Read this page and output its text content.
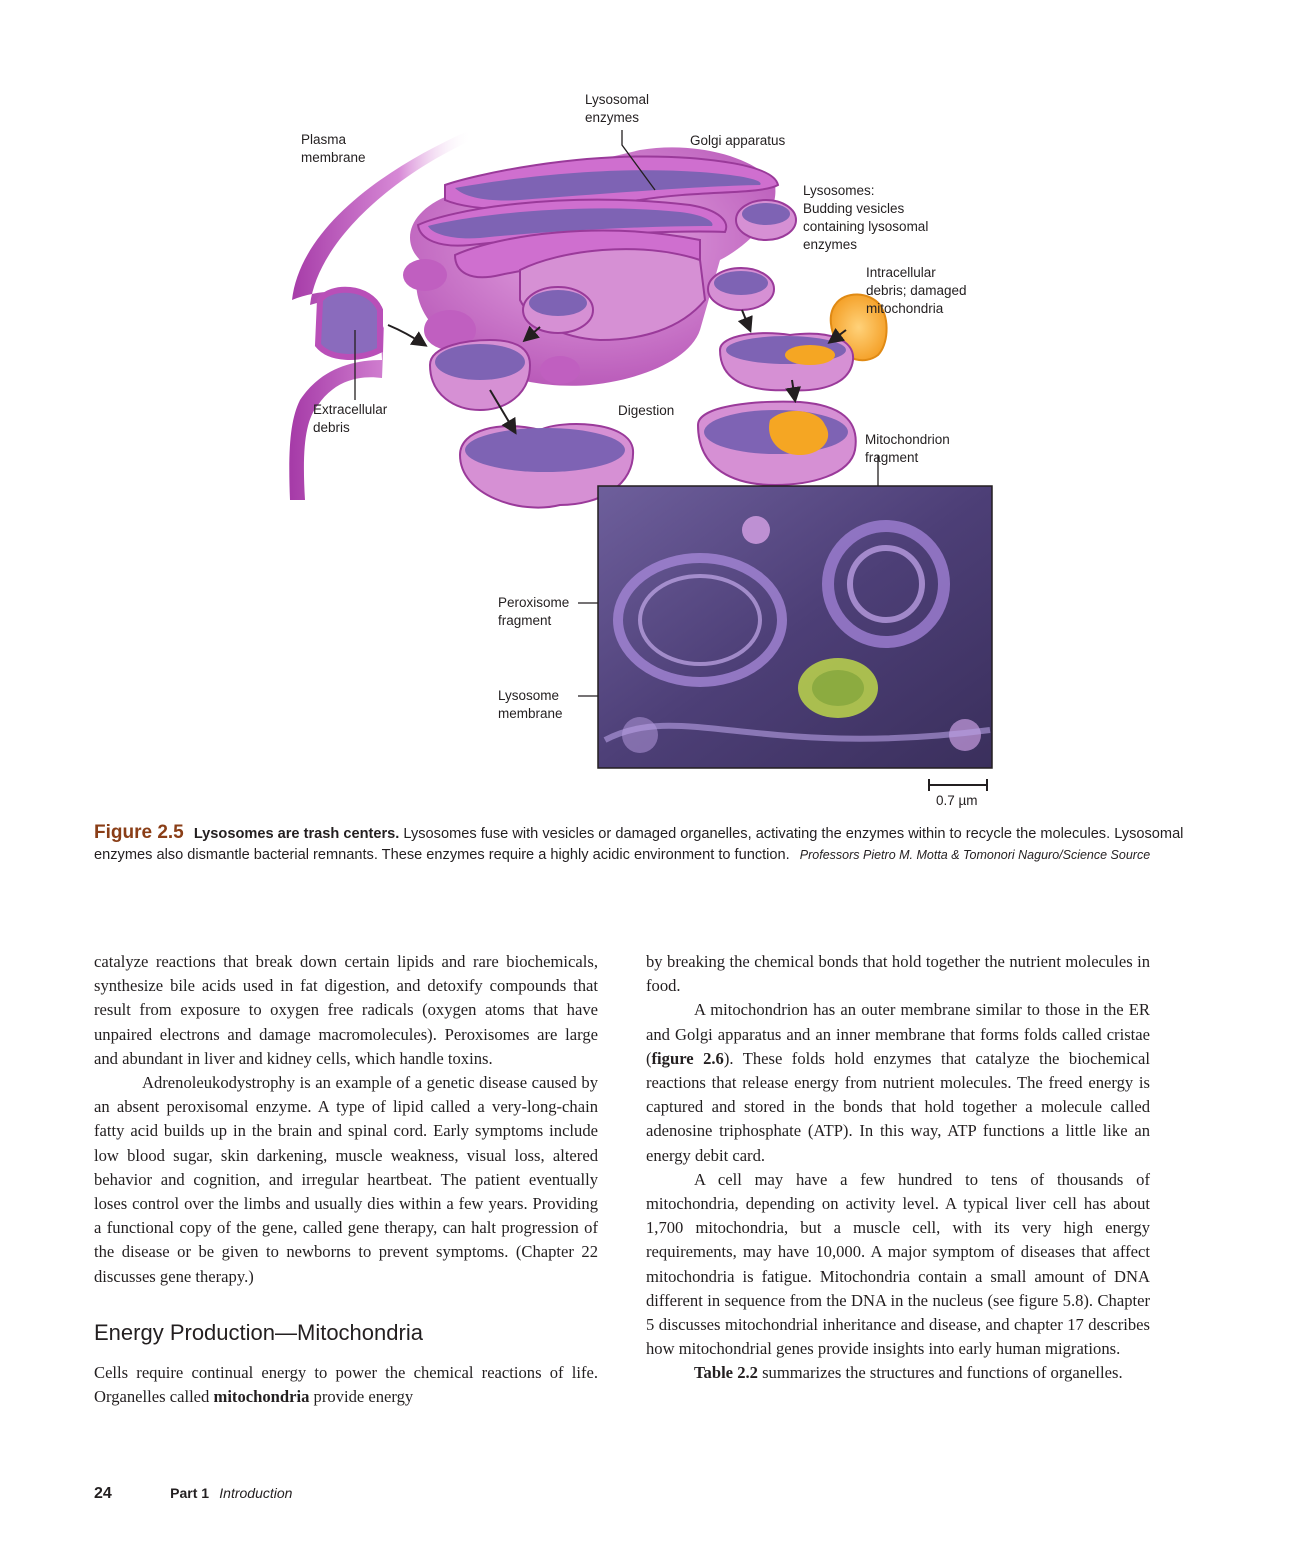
Lysosomal
enzymes
Golgi apparatus
Plasma
membrane
Lysosomes:
Budding vesicles
containing lysosomal
enzymes
Intracellular
debris; damaged
mitochondria
Extracellular
debris
Digestion
Mitochondrion
fragment
Peroxisome
fragment
Lysosome
membrane
0.7 µm
Figure 2.5 Lysosomes are trash centers. Lysosomes fuse with vesicles or damaged organelles, activating the enzymes within to recycle the molecules. Lysosomal enzymes also dismantle bacterial remnants. These enzymes require a highly acidic environment to function. Professors Pietro M. Motta & Tomonori Naguro/Science Source

catalyze reactions that break down certain lipids and rare biochemicals, synthesize bile acids used in fat digestion, and detoxify compounds that result from exposure to oxygen free radicals (oxygen atoms that have unpaired electrons and damage macromolecules). Peroxisomes are large and abundant in liver and kidney cells, which handle toxins.

Adrenoleukodystrophy is an example of a genetic disease caused by an absent peroxisomal enzyme. A type of lipid called a very-long-chain fatty acid builds up in the brain and spinal cord. Early symptoms include low blood sugar, skin darkening, muscle weakness, visual loss, altered behavior and cognition, and irregular heartbeat. The patient eventually loses control over the limbs and usually dies within a few years. Providing a functional copy of the gene, called gene therapy, can halt progression of the disease or be given to newborns to prevent symptoms. (Chapter 22 discusses gene therapy.)

Energy Production—Mitochondria

Cells require continual energy to power the chemical reactions of life. Organelles called mitochondria provide energy

by breaking the chemical bonds that hold together the nutrient molecules in food.

A mitochondrion has an outer membrane similar to those in the ER and Golgi apparatus and an inner membrane that forms folds called cristae (figure 2.6). These folds hold enzymes that catalyze the biochemical reactions that release energy from nutrient molecules. The freed energy is captured and stored in the bonds that hold together a molecule called adenosine triphosphate (ATP). In this way, ATP functions a little like an energy debit card.

A cell may have a few hundred to tens of thousands of mitochondria, depending on activity level. A typical liver cell has about 1,700 mitochondria, but a muscle cell, with its very high energy requirements, may have 10,000. A major symptom of diseases that affect mitochondria is fatigue. Mitochondria contain a small amount of DNA different in sequence from the DNA in the nucleus (see figure 5.8). Chapter 5 discusses mitochondrial inheritance and disease, and chapter 17 describes how mitochondrial genes provide insights into early human migrations.

Table 2.2 summarizes the structures and functions of organelles.

24	Part 1 Introduction
